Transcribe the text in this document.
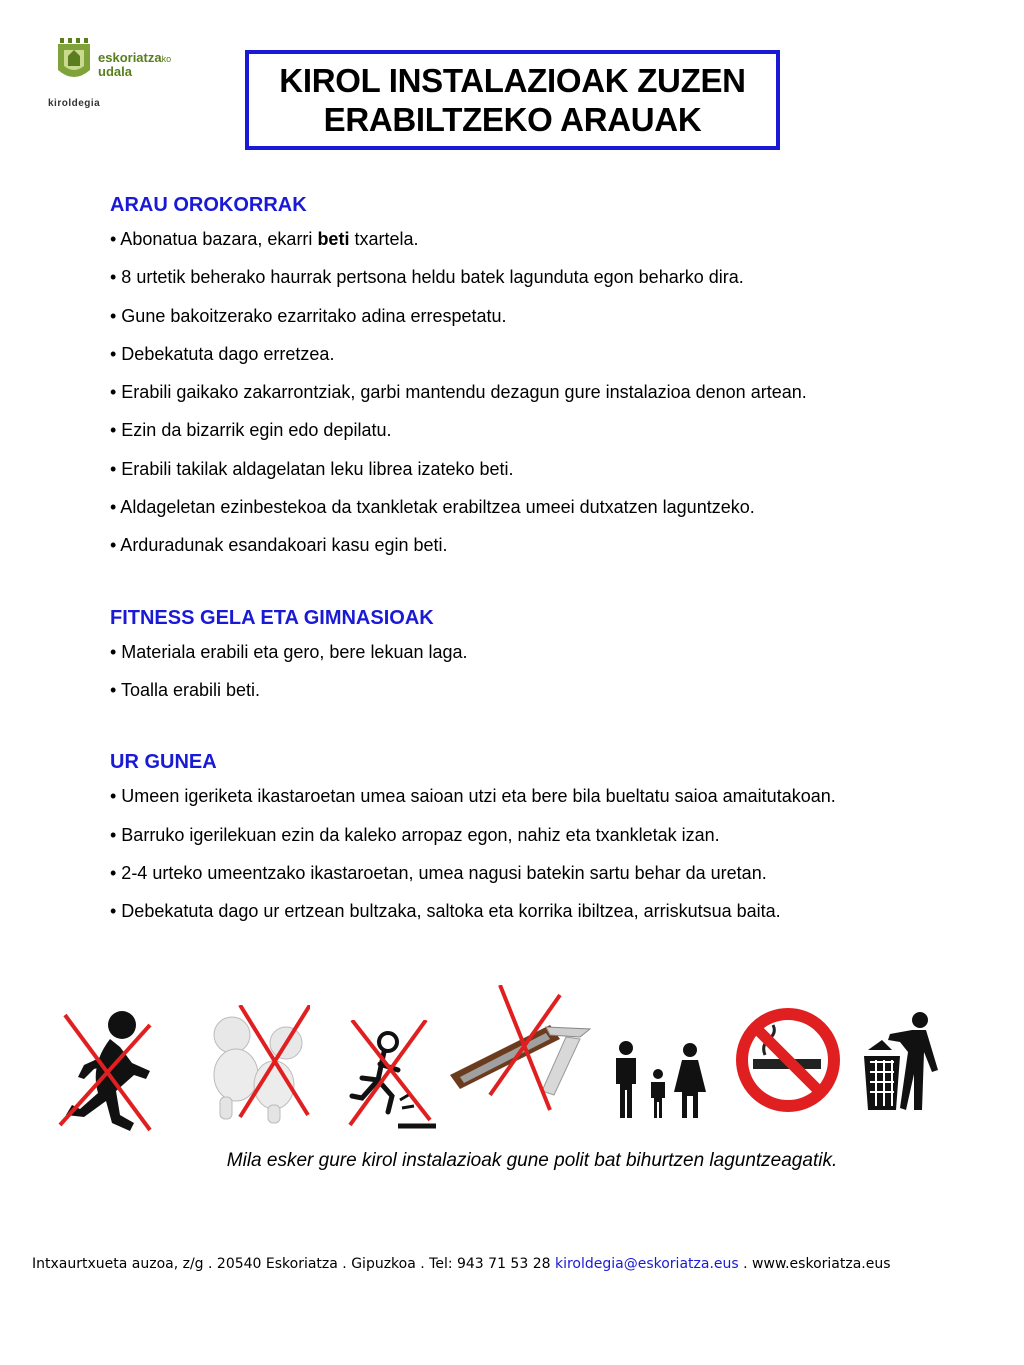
eskoriatzako
udala
kiroldegia
KIROL INSTALAZIOAK ZUZEN
ERABILTZEKO ARAUAK
ARAU OROKORRAK
• Abonatua bazara, ekarri beti txartela.
• 8 urtetik beherako haurrak pertsona heldu batek lagunduta egon beharko dira.
• Gune bakoitzerako ezarritako adina errespetatu.
• Debekatuta dago erretzea.
• Erabili gaikako zakarrontziak, garbi mantendu dezagun gure instalazioa denon artean.
• Ezin da bizarrik egin edo depilatu.
• Erabili takilak aldagelatan leku librea izateko beti.
• Aldageletan ezinbestekoa da txankletak erabiltzea umeei dutxatzen laguntzeko.
• Arduradunak esandakoari kasu egin beti.
FITNESS GELA ETA GIMNASIOAK
• Materiala erabili eta gero, bere lekuan laga.
• Toalla erabili beti.
UR GUNEA
• Umeen igeriketa ikastaroetan umea saioan utzi eta bere bila bueltatu saioa amaitutakoan.
• Barruko igerilekuan ezin da kaleko arropaz egon, nahiz eta txankletak izan.
• 2-4 urteko umeentzako ikastaroetan, umea nagusi batekin sartu behar da uretan.
• Debekatuta dago ur ertzean bultzaka, saltoka eta korrika ibiltzea, arriskutsua baita.
Mila esker gure kirol instalazioak gune polit bat bihurtzen laguntzeagatik.
Intxaurtxueta auzoa, z/g . 20540 Eskoriatza . Gipuzkoa . Tel: 943 71 53 28 kiroldegia@eskoriatza.eus . www.eskoriatza.eus
